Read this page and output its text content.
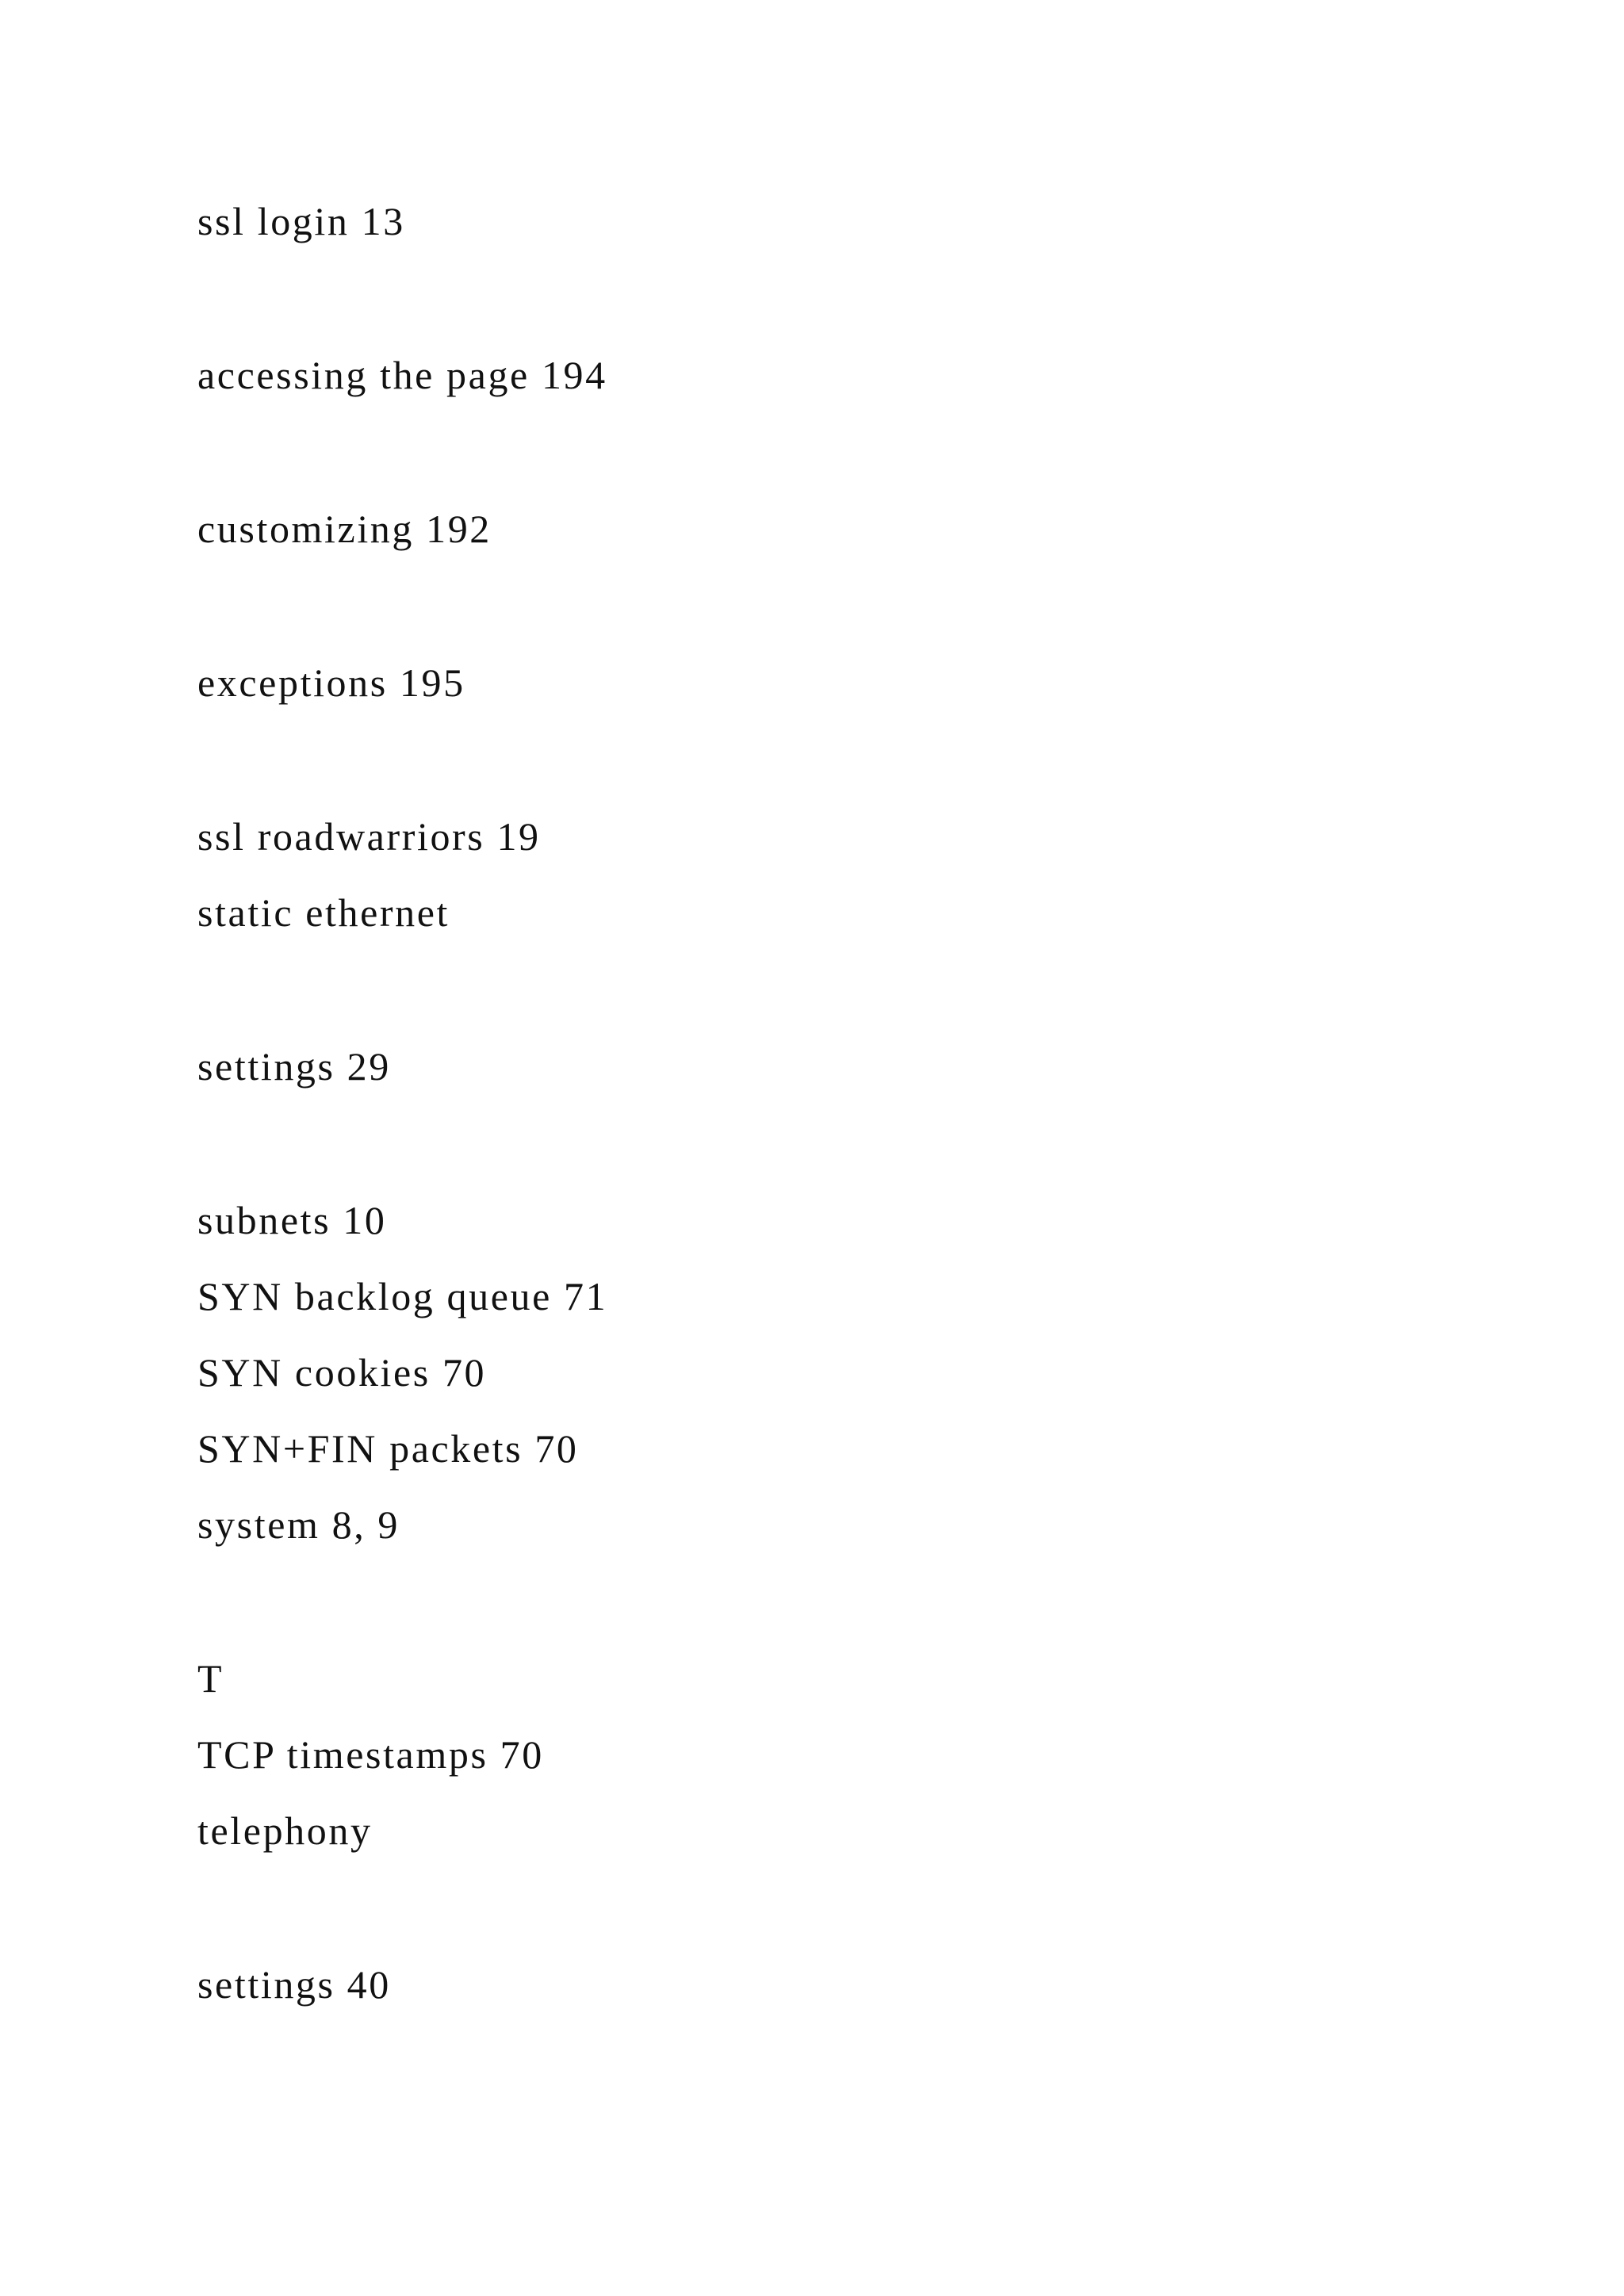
ssl login 13

accessing the page 194

customizing 192

exceptions 195

ssl roadwarriors 19

static ethernet

settings 29

subnets 10

SYN backlog queue 71

SYN cookies 70

SYN+FIN packets 70

system 8, 9

T

TCP timestamps 70

telephony

settings 40
